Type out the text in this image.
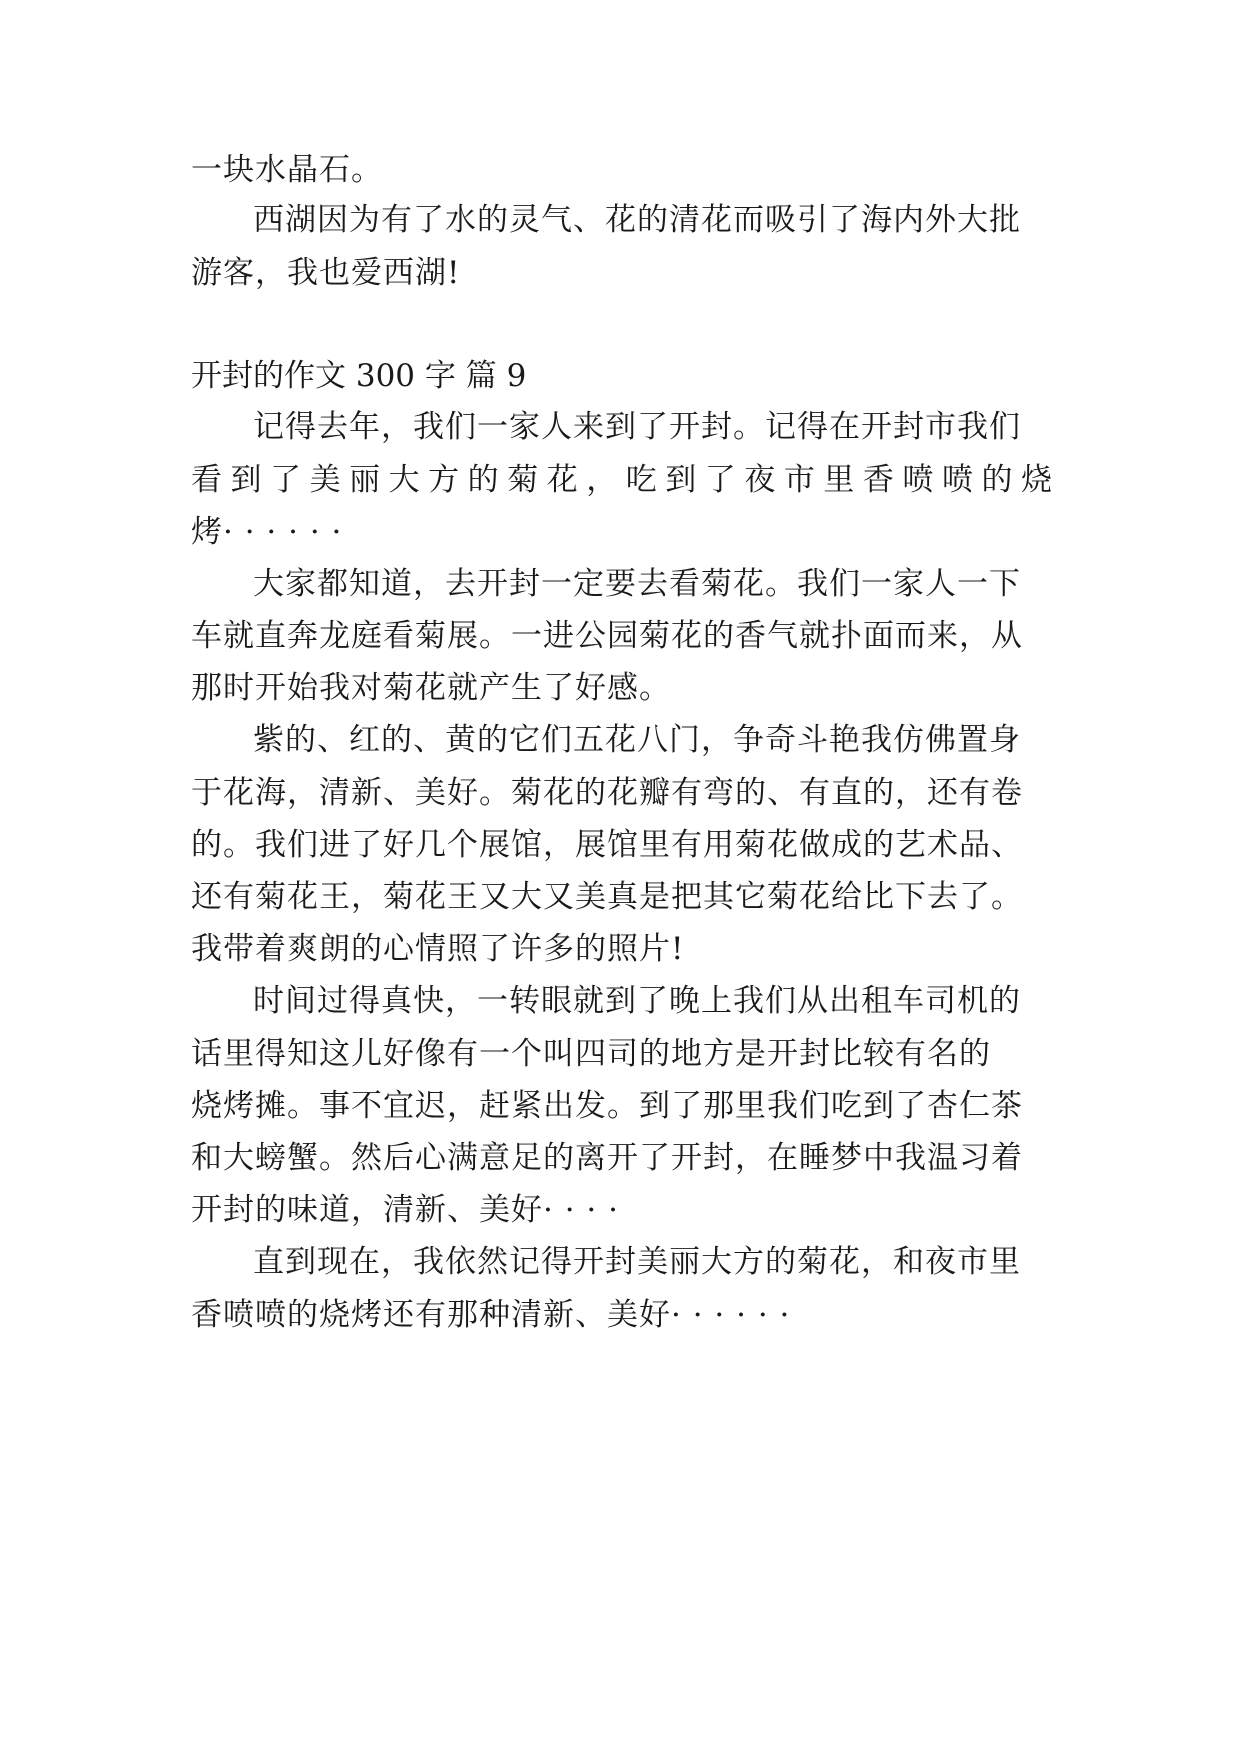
一块水晶石。
西湖因为有了水的灵气、花的清花而吸引了海内外大批
游客，我也爱西湖!
开封的作文 300 字 篇 9
记得去年，我们一家人来到了开封。记得在开封市我们
看到了美丽大方的菊花，吃到了夜市里香喷喷的烧
烤· · · · · ·
大家都知道，去开封一定要去看菊花。我们一家人一下
车就直奔龙庭看菊展。一进公园菊花的香气就扑面而来，从
那时开始我对菊花就产生了好感。
紫的、红的、黄的它们五花八门，争奇斗艳我仿佛置身
于花海，清新、美好。菊花的花瓣有弯的、有直的，还有卷
的。我们进了好几个展馆，展馆里有用菊花做成的艺术品、
还有菊花王，菊花王又大又美真是把其它菊花给比下去了。
我带着爽朗的心情照了许多的照片!
时间过得真快，一转眼就到了晚上我们从出租车司机的
话里得知这儿好像有一个叫四司的地方是开封比较有名的
烧烤摊。事不宜迟，赶紧出发。到了那里我们吃到了杏仁茶
和大螃蟹。然后心满意足的离开了开封，在睡梦中我温习着
开封的味道，清新、美好· · · ·
直到现在，我依然记得开封美丽大方的菊花，和夜市里
香喷喷的烧烤还有那种清新、美好· · · · · ·
